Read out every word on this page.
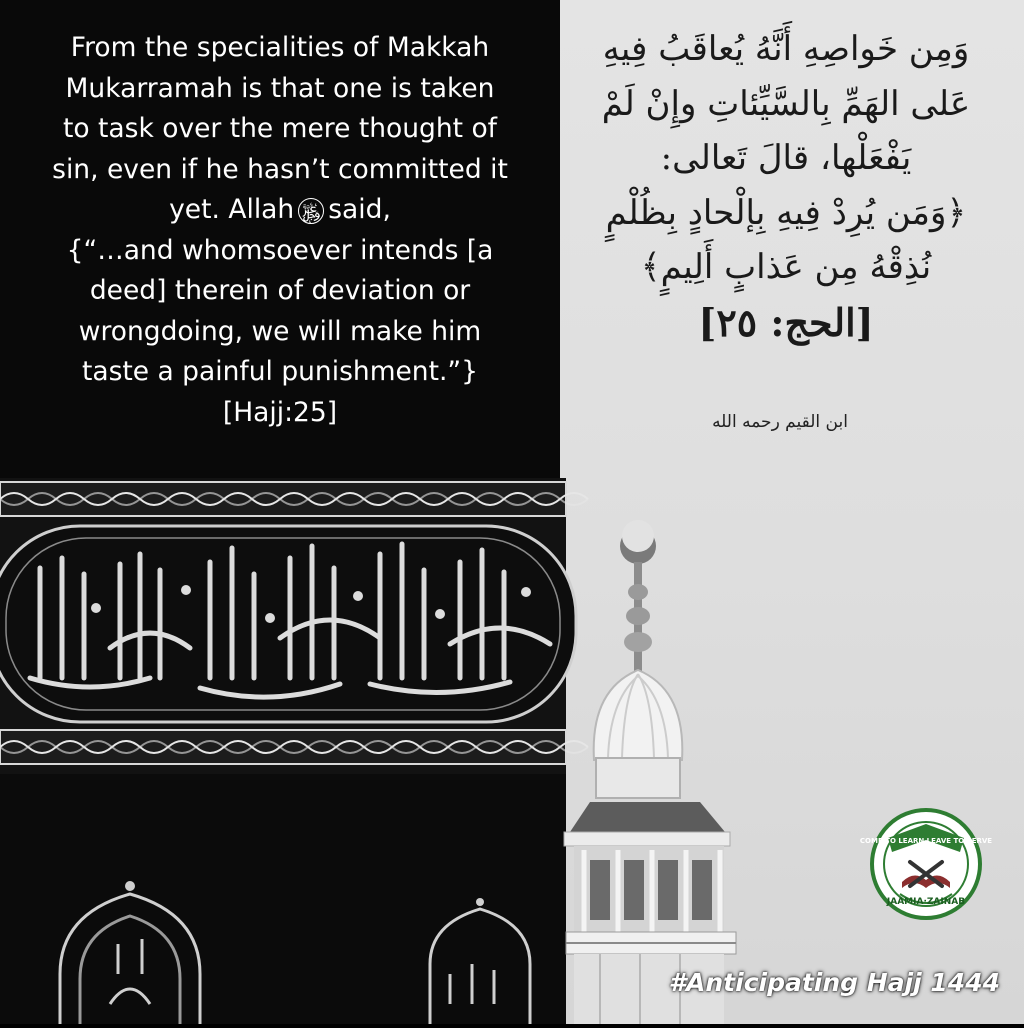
From the specialities of Makkah
Mukarramah is that one is taken
to task over the mere thought of
sin, even if he hasn’t committed it
yet. Allah ﷿ said,
{“…and whomsoever intends [a
deed] therein of deviation or
wrongdoing, we will make him
taste a painful punishment.”}
[Hajj:25]
وَمِن خَواصِهِ أَنَّهُ يُعاقَبُ فِيهِ
عَلى الهَمِّ بِالسَّيِّئاتِ وإِنْ لَمْ
يَفْعَلْها، قالَ تَعالى:
﴿وَمَن يُرِدْ فِيهِ بِإلْحادٍ بِظُلْمٍ
نُذِقْهُ مِن عَذابٍ أَلِيمٍ﴾
[الحج: ٢٥]
ابن القيم رحمه الله
COME TO LEARN LEAVE TO SERVE
JAAMIA·ZAINAB
#Anticipating Hajj 1444
